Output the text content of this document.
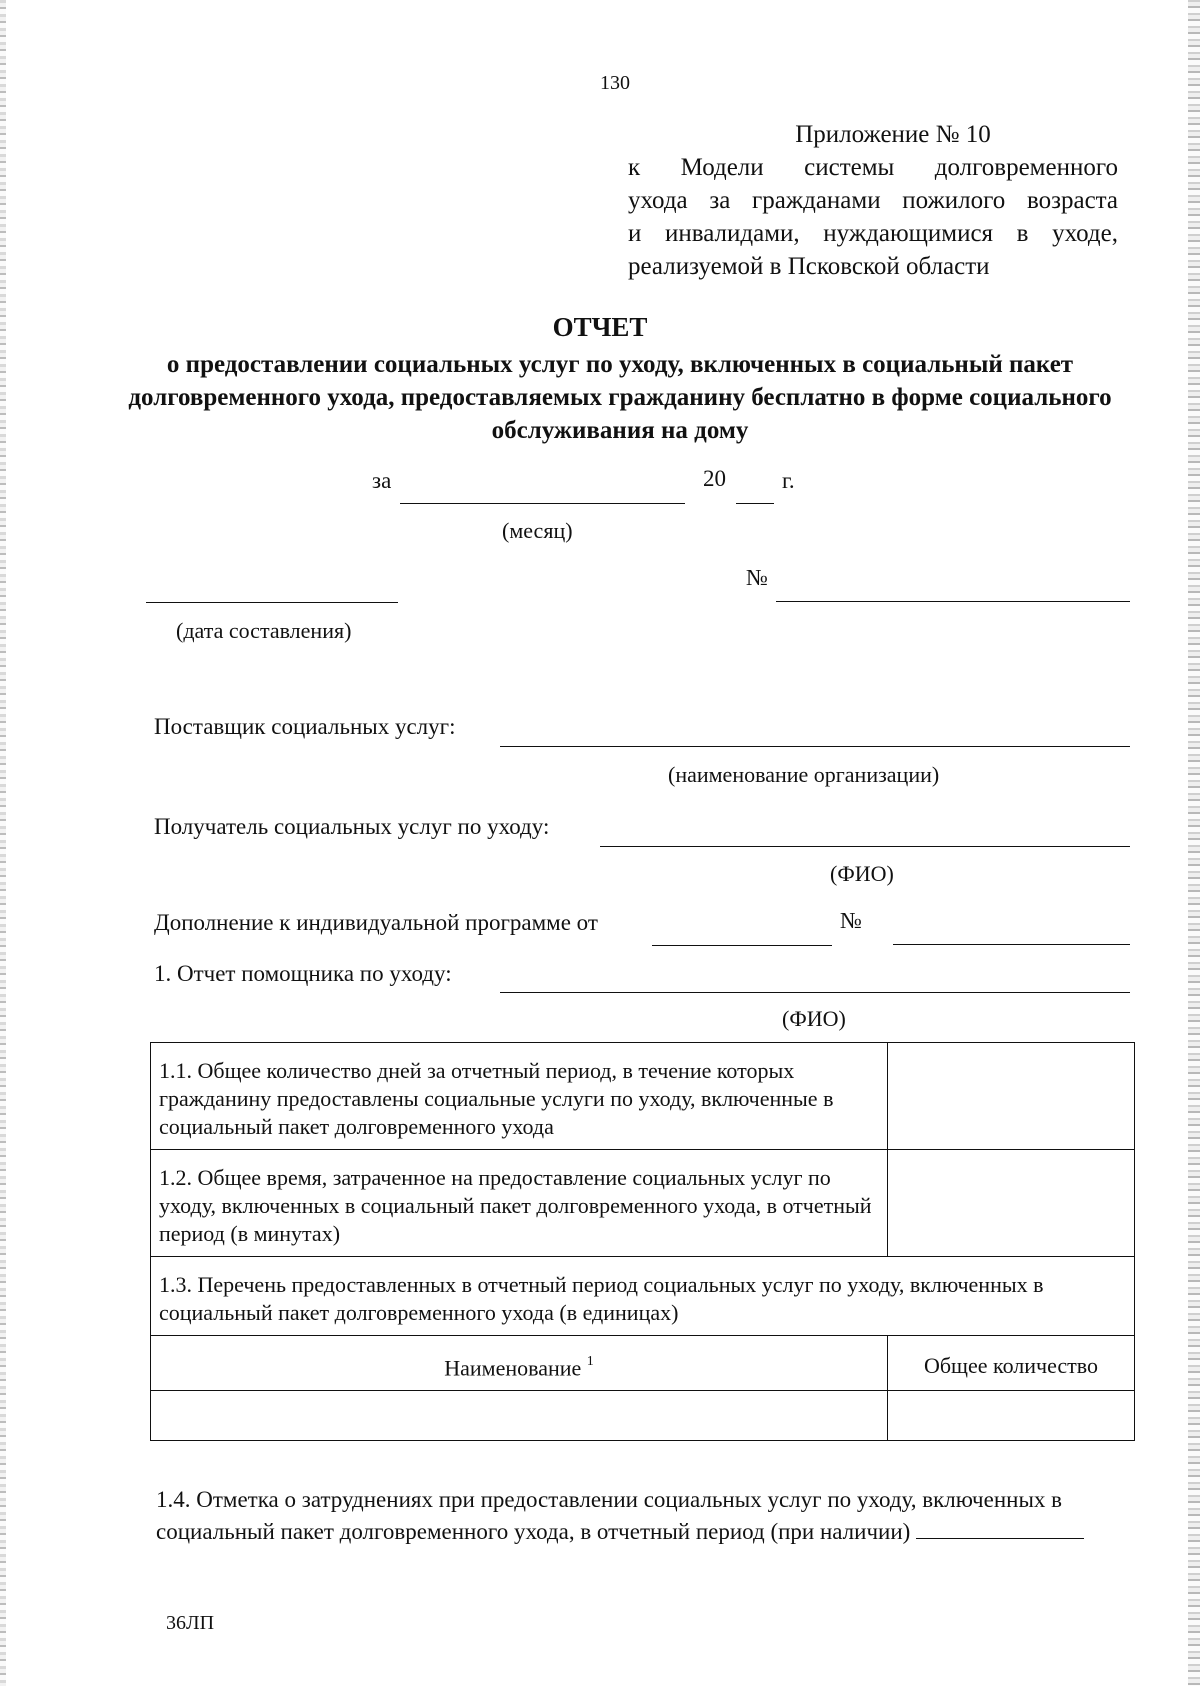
130
Приложение № 10
к Модели системы долговременного
ухода за гражданами пожилого возраста
и инвалидами, нуждающимися в уходе,
реализуемой в Псковской области
ОТЧЕТ
о предоставлении социальных услуг по уходу, включенных в социальный пакет долговременного ухода, предоставляемых гражданину бесплатно в форме социального обслуживания на дому
за	20 г.
(месяц)
№
(дата составления)
Поставщик социальных услуг:
(наименование организации)
Получатель социальных услуг по уходу:
(ФИО)
Дополнение к индивидуальной программе от	№
1. Отчет помощника по уходу:
(ФИО)
1.1. Общее количество дней за отчетный период, в течение которых гражданину предоставлены социальные услуги по уходу, включенные в социальный пакет долговременного ухода	
1.2. Общее время, затраченное на предоставление социальных услуг по уходу, включенных в социальный пакет долговременного ухода, в отчетный период (в минутах)	
1.3. Перечень предоставленных в отчетный период социальных услуг по уходу, включенных в социальный пакет долговременного ухода (в единицах)	
Наименование $^1$	Общее количество

1.4. Отметка о затруднениях при предоставлении социальных услуг по уходу, включенных в социальный пакет долговременного ухода, в отчетный период (при наличии)
36ЛП
